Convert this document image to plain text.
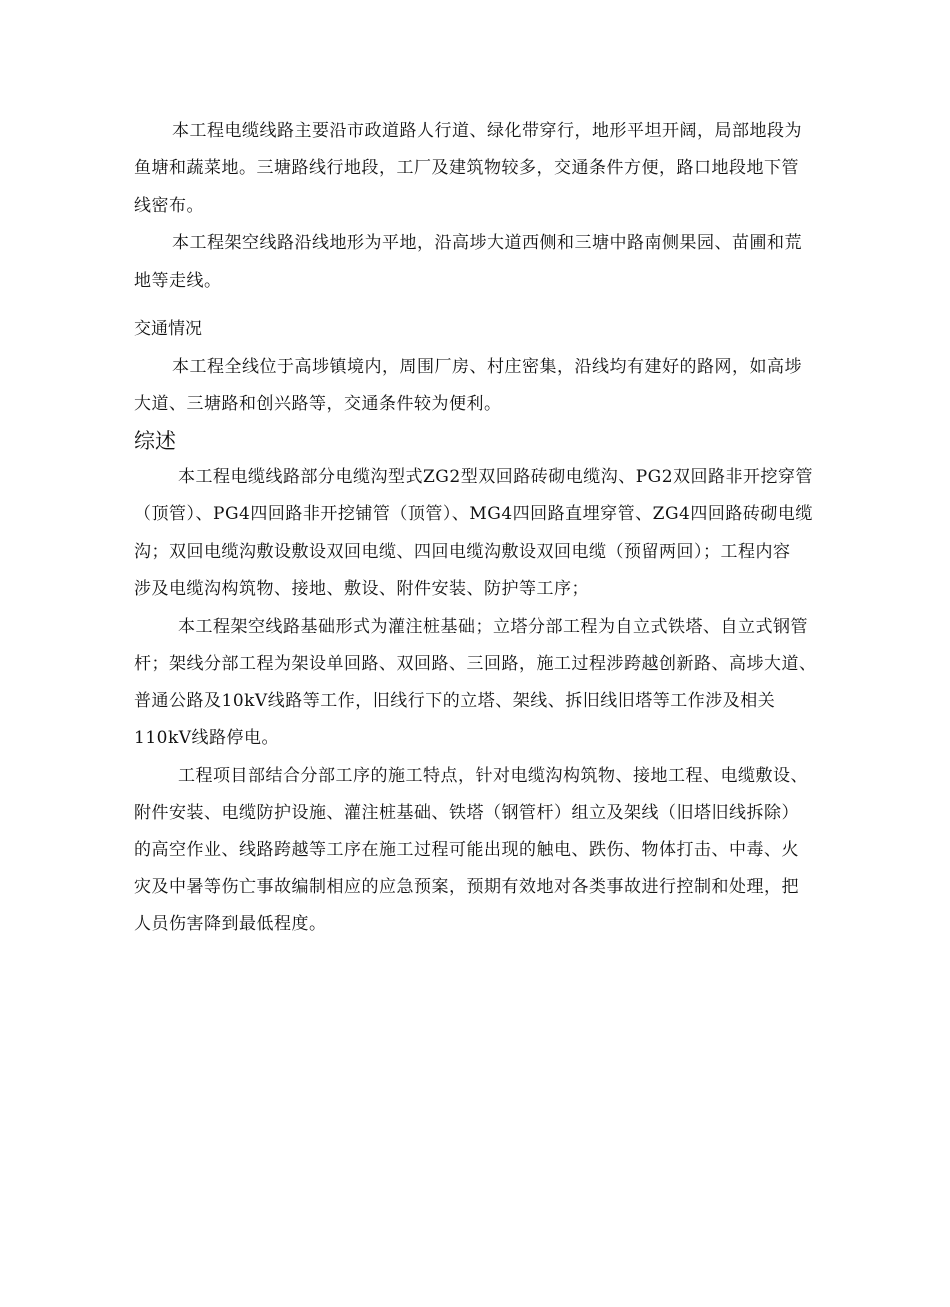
本工程电缆线路主要沿市政道路人行道、绿化带穿行，地形平坦开阔，局部地段为
鱼塘和蔬菜地。三塘路线行地段，工厂及建筑物较多，交通条件方便，路口地段地下管
线密布。
本工程架空线路沿线地形为平地，沿高埗大道西侧和三塘中路南侧果园、苗圃和荒
地等走线。
交通情况
本工程全线位于高埗镇境内，周围厂房、村庄密集，沿线均有建好的路网，如高埗
大道、三塘路和创兴路等，交通条件较为便利。
综述
本工程电缆线路部分电缆沟型式ZG2型双回路砖砌电缆沟、PG2双回路非开挖穿管
（顶管）、PG4四回路非开挖铺管（顶管）、MG4四回路直埋穿管、ZG4四回路砖砌电缆
沟；双回电缆沟敷设敷设双回电缆、四回电缆沟敷设双回电缆（预留两回）；工程内容
涉及电缆沟构筑物、接地、敷设、附件安装、防护等工序；
本工程架空线路基础形式为灌注桩基础；立塔分部工程为自立式铁塔、自立式钢管
杆；架线分部工程为架设单回路、双回路、三回路，施工过程涉跨越创新路、高埗大道、
普通公路及10kV线路等工作，旧线行下的立塔、架线、拆旧线旧塔等工作涉及相关
110kV线路停电。
工程项目部结合分部工序的施工特点，针对电缆沟构筑物、接地工程、电缆敷设、
附件安装、电缆防护设施、灌注桩基础、铁塔（钢管杆）组立及架线（旧塔旧线拆除）
的高空作业、线路跨越等工序在施工过程可能出现的触电、跌伤、物体打击、中毒、火
灾及中暑等伤亡事故编制相应的应急预案，预期有效地对各类事故进行控制和处理，把
人员伤害降到最低程度。
